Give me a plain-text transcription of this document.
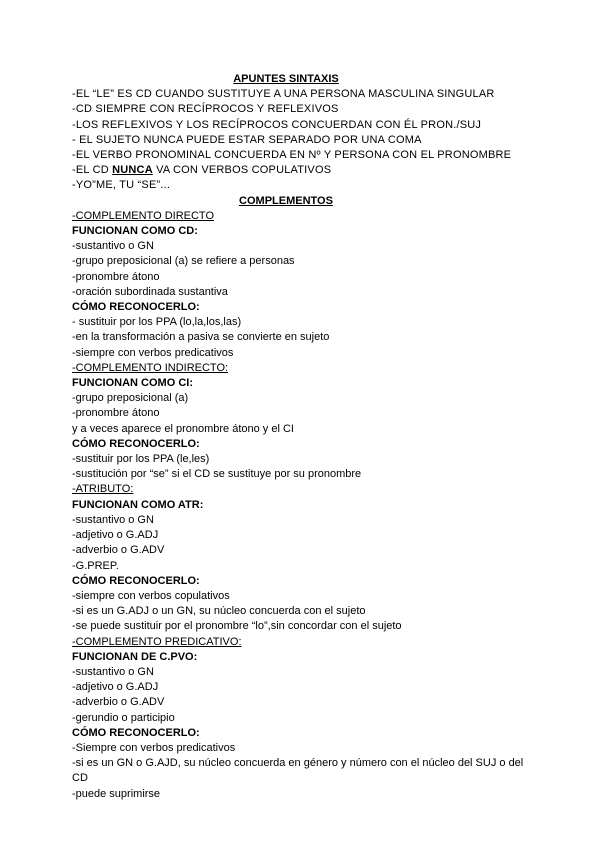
APUNTES SINTAXIS
-EL “LE” ES CD CUANDO SUSTITUYE A UNA PERSONA MASCULINA SINGULAR
-CD SIEMPRE CON RECÍPROCOS Y REFLEXIVOS
-LOS REFLEXIVOS Y LOS RECÍPROCOS CONCUERDAN CON ÉL PRON./SUJ
- EL SUJETO NUNCA PUEDE ESTAR SEPARADO POR UNA COMA
-EL VERBO PRONOMINAL CONCUERDA EN Nº Y PERSONA CON EL PRONOMBRE
-EL CD NUNCA VA CON VERBOS COPULATIVOS
-YO”ME, TU “SE”...
COMPLEMENTOS
-COMPLEMENTO DIRECTO
FUNCIONAN COMO CD:
-sustantivo o GN
-grupo preposicional (a) se refiere a personas
-pronombre átono
-oración subordinada sustantiva
CÓMO RECONOCERLO:
- sustituir por los PPA (lo,la,los,las)
-en la transformación a pasiva se convierte en sujeto
-siempre con verbos predicativos
-COMPLEMENTO INDIRECTO:
FUNCIONAN COMO CI:
-grupo preposicional (a)
-pronombre átono
y a veces aparece el pronombre átono y el CI
CÓMO RECONOCERLO:
-sustituir por los PPA (le,les)
-sustitución por “se” si el CD se sustituye por su pronombre
-ATRIBUTO:
FUNCIONAN COMO ATR:
-sustantivo o GN
-adjetivo o G.ADJ
-adverbio o G.ADV
-G.PREP.
CÓMO RECONOCERLO:
-siempre con verbos copulativos
-si es un G.ADJ o un GN, su núcleo concuerda con el sujeto
-se puede sustituir por el pronombre “lo”,sin concordar con el sujeto
-COMPLEMENTO PREDICATIVO:
FUNCIONAN DE C.PVO:
-sustantivo o GN
-adjetivo o G.ADJ
-adverbio o G.ADV
-gerundio o participio
CÓMO RECONOCERLO:
-Siempre con verbos predicativos
-si es un GN o G.AJD, su núcleo concuerda en género y número con el núcleo del SUJ o del CD
-puede suprimirse
